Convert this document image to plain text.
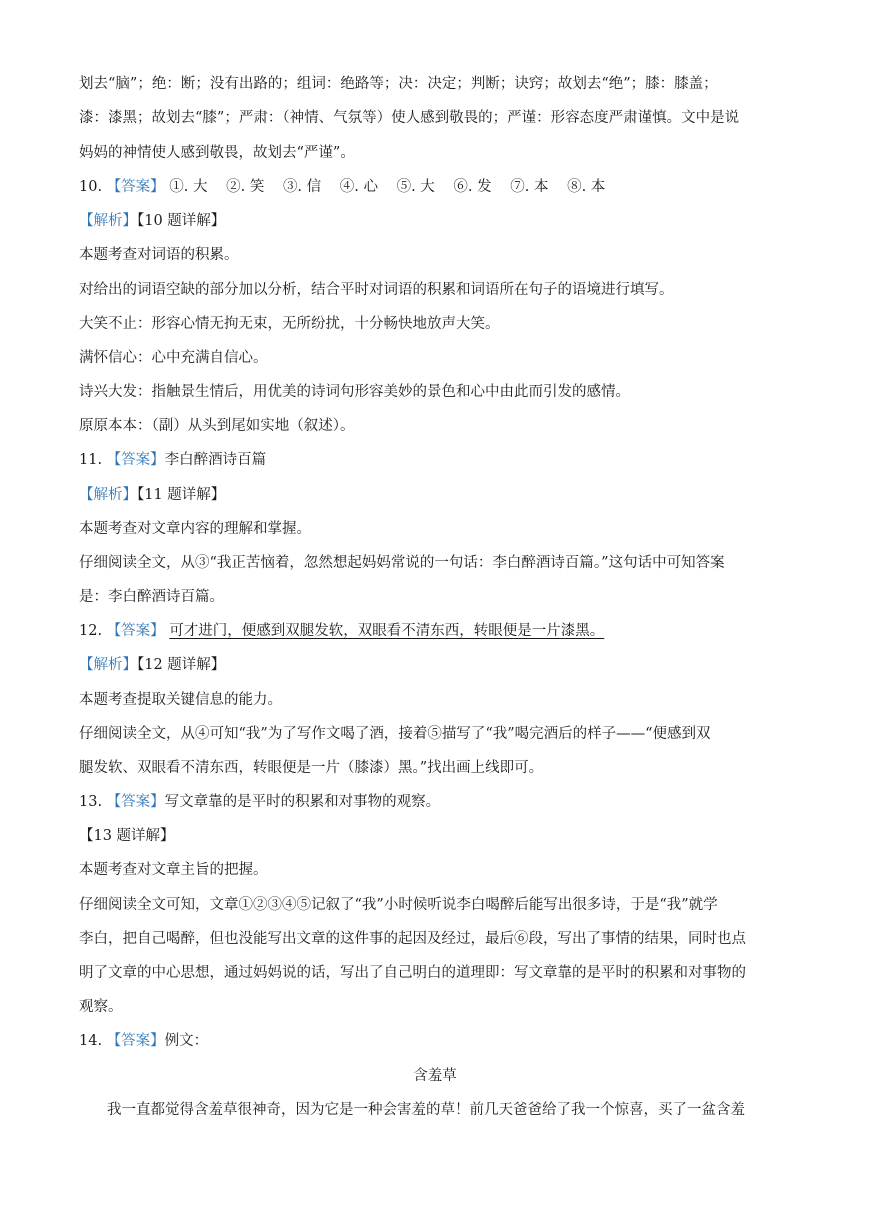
划去“脑”；绝：断；没有出路的；组词：绝路等；决：决定；判断；诀窍；故划去“绝”；膝：膝盖；
漆：漆黑；故划去“膝”；严肃：（神情、气氛等）使人感到敬畏的；严谨：形容态度严肃谨慎。文中是说
妈妈的神情使人感到敬畏，故划去“严谨”。
10. 【答案】 ①. 大 ②. 笑 ③. 信 ④. 心 ⑤. 大 ⑥. 发 ⑦. 本 ⑧. 本
【解析】【10 题详解】
本题考查对词语的积累。
对给出的词语空缺的部分加以分析，结合平时对词语的积累和词语所在句子的语境进行填写。
大笑不止：形容心情无拘无束，无所纷扰，十分畅快地放声大笑。
满怀信心：心中充满自信心。
诗兴大发：指触景生情后，用优美的诗词句形容美妙的景色和心中由此而引发的感情。
原原本本：（副）从头到尾如实地（叙述）。
11. 【答案】李白醉酒诗百篇
【解析】【11 题详解】
本题考查对文章内容的理解和掌握。
仔细阅读全文，从③“我正苦恼着，忽然想起妈妈常说的一句话：李白醉酒诗百篇。”这句话中可知答案
是：李白醉酒诗百篇。
12. 【答案】 可才进门，便感到双腿发软，双眼看不清东西，转眼便是一片漆黑。
【解析】【12 题详解】
本题考查提取关键信息的能力。
仔细阅读全文，从④可知“我”为了写作文喝了酒，接着⑤描写了“我”喝完酒后的样子——“便感到双
腿发软、双眼看不清东西，转眼便是一片（膝漆）黑。”找出画上线即可。
13. 【答案】写文章靠的是平时的积累和对事物的观察。
【13 题详解】
本题考查对文章主旨的把握。
仔细阅读全文可知，文章①②③④⑤记叙了“我”小时候听说李白喝醉后能写出很多诗，于是“我”就学
李白，把自己喝醉，但也没能写出文章的这件事的起因及经过，最后⑥段，写出了事情的结果，同时也点
明了文章的中心思想，通过妈妈说的话，写出了自己明白的道理即：写文章靠的是平时的积累和对事物的
观察。
14. 【答案】例文：
含羞草
我一直都觉得含羞草很神奇，因为它是一种会害羞的草！前几天爸爸给了我一个惊喜，买了一盆含羞
